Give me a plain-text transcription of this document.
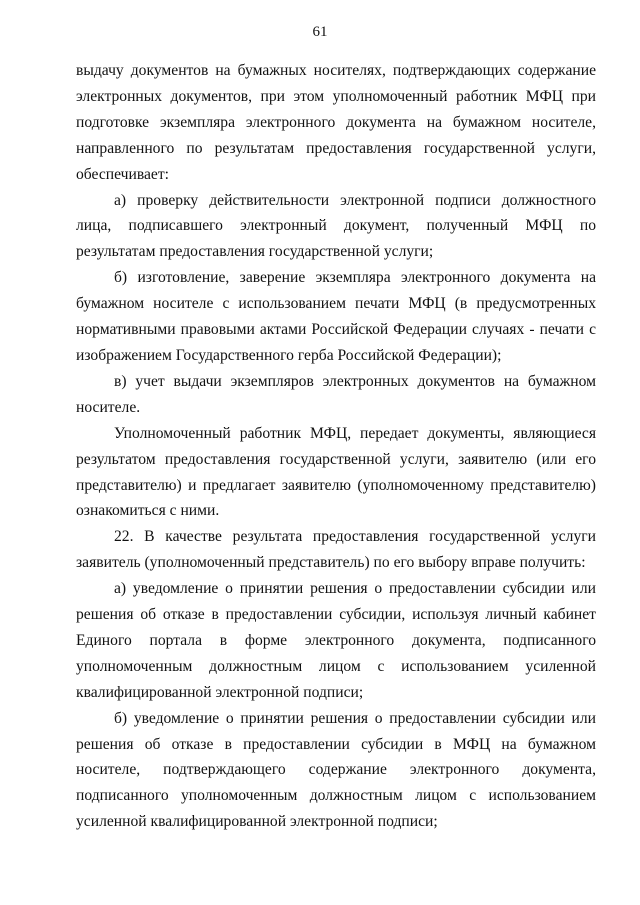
61

выдачу документов на бумажных носителях, подтверждающих содержание электронных документов, при этом уполномоченный работник МФЦ при подготовке экземпляра электронного документа на бумажном носителе, направленного по результатам предоставления государственной услуги, обеспечивает:

а) проверку действительности электронной подписи должностного лица, подписавшего электронный документ, полученный МФЦ по результатам предоставления государственной услуги;

б) изготовление, заверение экземпляра электронного документа на бумажном носителе с использованием печати МФЦ (в предусмотренных нормативными правовыми актами Российской Федерации случаях - печати с изображением Государственного герба Российской Федерации);

в) учет выдачи экземпляров электронных документов на бумажном носителе.

Уполномоченный работник МФЦ, передает документы, являющиеся результатом предоставления государственной услуги, заявителю (или его представителю) и предлагает заявителю (уполномоченному представителю) ознакомиться с ними.

22. В качестве результата предоставления государственной услуги заявитель (уполномоченный представитель) по его выбору вправе получить:

а) уведомление о принятии решения о предоставлении субсидии или решения об отказе в предоставлении субсидии, используя личный кабинет Единого портала в форме электронного документа, подписанного уполномоченным должностным лицом с использованием усиленной квалифицированной электронной подписи;

б) уведомление о принятии решения о предоставлении субсидии или решения об отказе в предоставлении субсидии в МФЦ на бумажном носителе, подтверждающего содержание электронного документа, подписанного уполномоченным должностным лицом с использованием усиленной квалифицированной электронной подписи;
